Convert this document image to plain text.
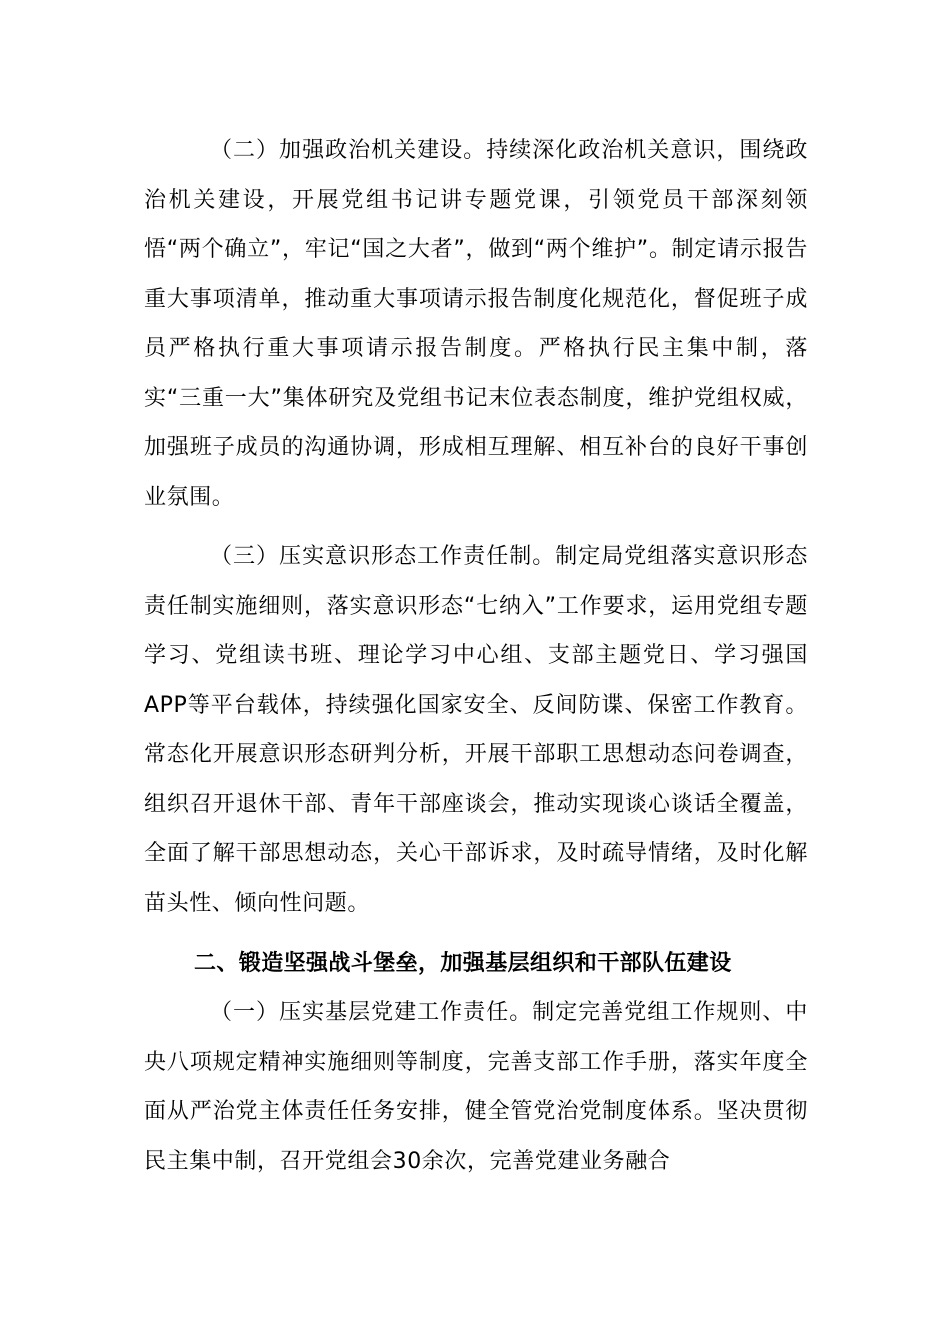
（二）加强政治机关建设。持续深化政治机关意识，围绕政治机关建设，开展党组书记讲专题党课，引领党员干部深刻领悟“两个确立”，牢记“国之大者”，做到“两个维护”。制定请示报告重大事项清单，推动重大事项请示报告制度化规范化，督促班子成员严格执行重大事项请示报告制度。严格执行民主集中制，落实“三重一大”集体研究及党组书记末位表态制度，维护党组权威，加强班子成员的沟通协调，形成相互理解、相互补台的良好干事创业氛围。

（三）压实意识形态工作责任制。制定局党组落实意识形态责任制实施细则，落实意识形态“七纳入”工作要求，运用党组专题学习、党组读书班、理论学习中心组、支部主题党日、学习强国APP等平台载体，持续强化国家安全、反间防谍、保密工作教育。常态化开展意识形态研判分析，开展干部职工思想动态问卷调查，组织召开退休干部、青年干部座谈会，推动实现谈心谈话全覆盖，全面了解干部思想动态，关心干部诉求，及时疏导情绪，及时化解苗头性、倾向性问题。

二、锻造坚强战斗堡垒，加强基层组织和干部队伍建设

（一）压实基层党建工作责任。制定完善党组工作规则、中央八项规定精神实施细则等制度，完善支部工作手册，落实年度全面从严治党主体责任任务安排，健全管党治党制度体系。坚决贯彻民主集中制，召开党组会30余次，完善党建业务融合
